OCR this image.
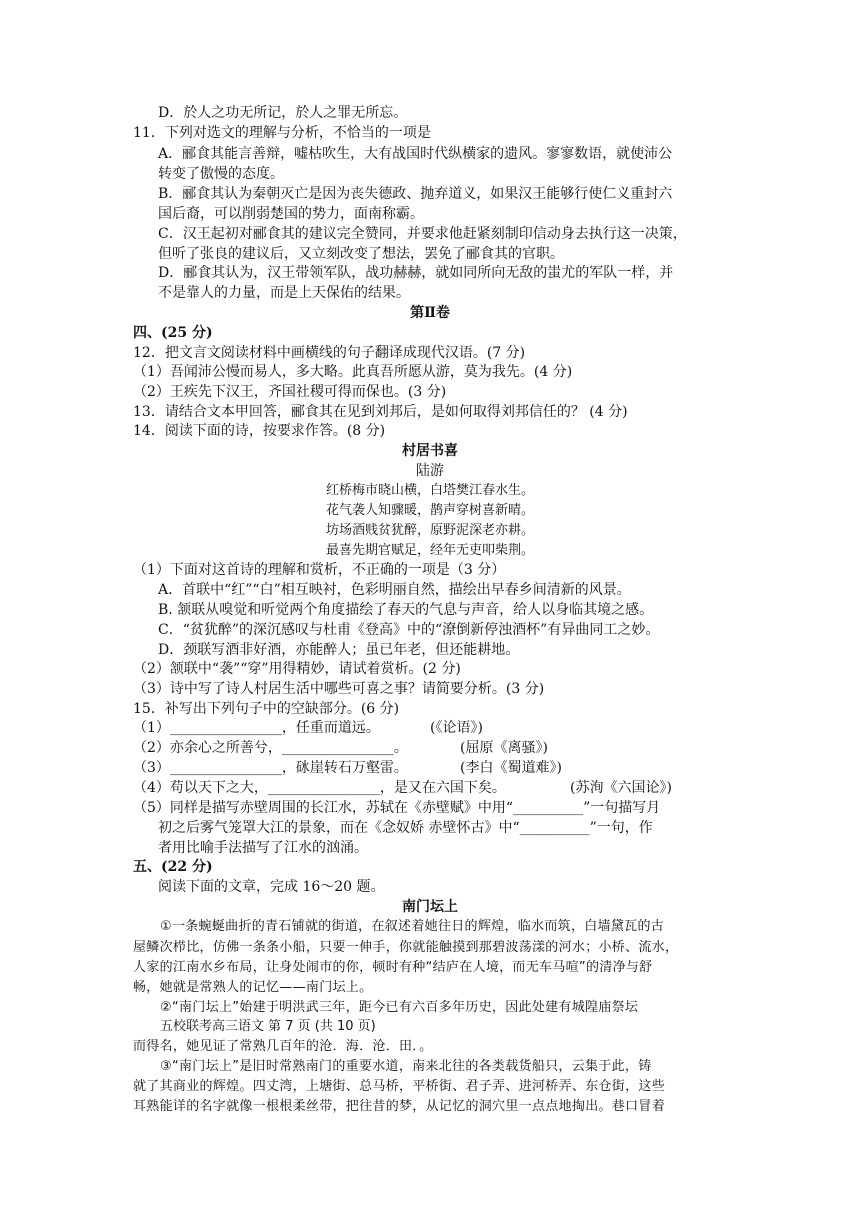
D．於人之功无所记，於人之罪无所忘。
11．下列对选文的理解与分析，不恰当的一项是
A．郦食其能言善辩，嘘枯吹生，大有战国时代纵横家的遗风。寥寥数语，就使沛公
转变了傲慢的态度。
B．郦食其认为秦朝灭亡是因为丧失德政、抛弃道义，如果汉王能够行使仁义重封六
国后裔，可以削弱楚国的势力，面南称霸。
C．汉王起初对郦食其的建议完全赞同，并要求他赶紧刻制印信动身去执行这一决策，
但听了张良的建议后，又立刻改变了想法，罢免了郦食其的官职。
D．郦食其认为，汉王带领军队，战功赫赫，就如同所向无敌的蚩尤的军队一样，并
不是靠人的力量，而是上天保佑的结果。
第Ⅱ卷
四、(25 分)
12．把文言文阅读材料中画横线的句子翻译成现代汉语。(7 分)
（1）吾闻沛公慢而易人，多大略。此真吾所愿从游，莫为我先。(4 分)
（2）王疾先下汉王，齐国社稷可得而保也。(3 分)
13．请结合文本甲回答，郦食其在见到刘邦后，是如何取得刘邦信任的？ (4 分)
14．阅读下面的诗，按要求作答。(8 分)
村居书喜
陆游
红桥梅市晓山横，白塔樊江春水生。
花气袭人知骤暖，鹊声穿树喜新晴。
坊场酒贱贫犹醉，原野泥深老亦耕。
最喜先期官赋足，经年无吏叩柴荆。
（1）下面对这首诗的理解和赏析，不正确的一项是（3 分）
A．首联中“红”“白”相互映衬，色彩明丽自然，描绘出早春乡间清新的风景。
B. 颔联从嗅觉和听觉两个角度描绘了春天的气息与声音，给人以身临其境之感。
C．“贫犹醉”的深沉感叹与杜甫《登高》中的“潦倒新停浊酒杯”有异曲同工之妙。
D．颈联写酒非好酒，亦能醉人；虽已年老，但还能耕地。
（2）颔联中“袭”“穿”用得精妙，请试着赏析。(2 分)
（3）诗中写了诗人村居生活中哪些可喜之事？请简要分析。(3 分)
15．补写出下列句子中的空缺部分。(6 分)
（1）________________，任重而道远。	(《论语》)
（2）亦余心之所善兮，________________。	(屈原《离骚》)
（3）________________，砯崖转石万壑雷。	(李白《蜀道难》)
（4）苟以天下之大，________________，是又在六国下矣。	(苏洵《六国论》)
（5）同样是描写赤壁周围的长江水，苏轼在《赤壁赋》中用“__________”一句描写月
初之后雾气笼罩大江的景象，而在《念奴娇 赤壁怀古》中“__________”一句，作
者用比喻手法描写了江水的汹涌。
五、(22 分)
阅读下面的文章，完成 16～20 题。
南门坛上
①一条蜿蜒曲折的青石铺就的街道，在叙述着她往日的辉煌，临水而筑，白墙黛瓦的古
屋鳞次栉比，仿佛一条条小船，只要一伸手，你就能触摸到那碧波荡漾的河水；小桥、流水，
人家的江南水乡布局，让身处闹市的你，顿时有种“结庐在人境，而无车马喧”的清净与舒
畅，她就是常熟人的记忆——南门坛上。
②“南门坛上”始建于明洪武三年，距今已有六百多年历史，因此处建有城隍庙祭坛
五校联考高三语文 第 7 页 (共 10 页)
而得名，她见证了常熟几百年的沧．海．沧．田．。
③“南门坛上”是旧时常熟南门的重要水道，南来北往的各类载货船只，云集于此，铸
就了其商业的辉煌。四丈湾，上塘街、总马桥，平桥街、君子弄、进河桥弄、东仓街，这些
耳熟能详的名字就像一根根柔丝带，把往昔的梦，从记忆的洞穴里一点点地掏出。巷口冒着
